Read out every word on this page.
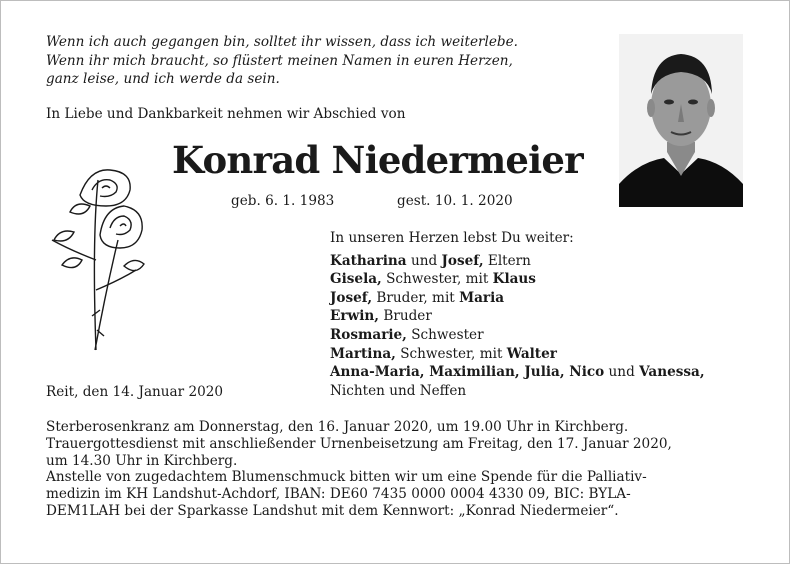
Wenn ich auch gegangen bin, solltet ihr wissen, dass ich weiterlebe.
Wenn ihr mich braucht, so flüstert meinen Namen in euren Herzen,
ganz leise, und ich werde da sein.
In Liebe und Dankbarkeit nehmen wir Abschied von
Konrad Niedermeier
geb. 6. 1. 1983	gest. 10. 1. 2020
In unseren Herzen lebst Du weiter:
Katharina und Josef, Eltern
Gisela, Schwester, mit Klaus
Josef, Bruder, mit Maria
Erwin, Bruder
Rosmarie, Schwester
Martina, Schwester, mit Walter
Anna-Maria, Maximilian, Julia, Nico und Vanessa,
Nichten und Neffen
Reit, den 14. Januar 2020
Sterberosenkranz am Donnerstag, den 16. Januar 2020, um 19.00 Uhr in Kirchberg.
Trauergottesdienst mit anschließender Urnenbeisetzung am Freitag, den 17. Januar 2020,
um 14.30 Uhr in Kirchberg.
Anstelle von zugedachtem Blumenschmuck bitten wir um eine Spende für die Palliativ-
medizin im KH Landshut-Achdorf, IBAN: DE60 7435 0000 0004 4330 09, BIC: BYLA-
DEM1LAH bei der Sparkasse Landshut mit dem Kennwort: „Konrad Niedermeier“.
